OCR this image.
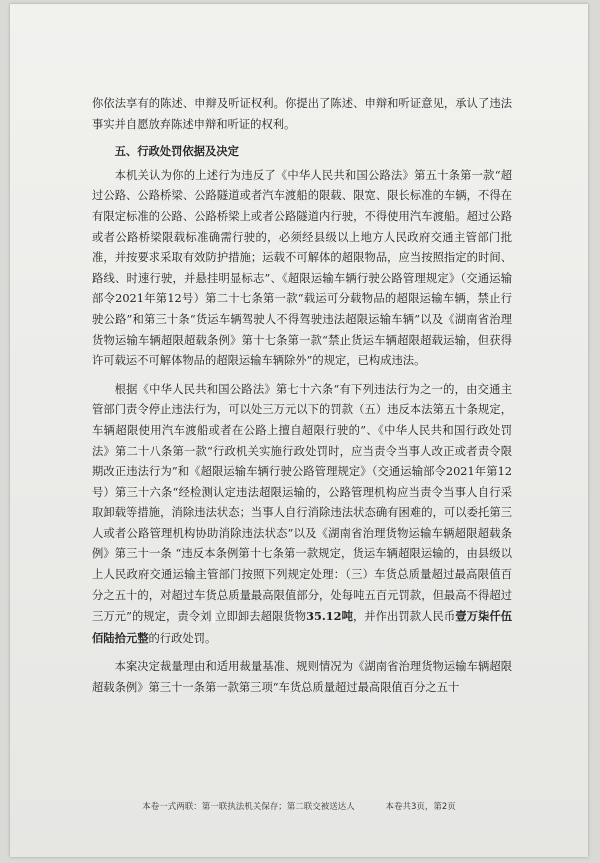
你依法享有的陈述、申辩及听证权利。你提出了陈述、申辩和听证意见，承认了违法事实并自愿放弃陈述申辩和听证的权利。

五、行政处罚依据及决定

本机关认为你的上述行为违反了《中华人民共和国公路法》第五十条第一款“超过公路、公路桥梁、公路隧道或者汽车渡船的限载、限宽、限长标准的车辆，不得在有限定标准的公路、公路桥梁上或者公路隧道内行驶，不得使用汽车渡船。超过公路或者公路桥梁限载标准确需行驶的，必须经县级以上地方人民政府交通主管部门批准，并按要求采取有效防护措施；运载不可解体的超限物品，应当按照指定的时间、路线、时速行驶，并悬挂明显标志”、《超限运输车辆行驶公路管理规定》（交通运输部令2021年第12号）第二十七条第一款“载运可分载物品的超限运输车辆，禁止行驶公路”和第三十条“货运车辆驾驶人不得驾驶违法超限运输车辆”以及《湖南省治理货物运输车辆超限超载条例》第十七条第一款“禁止货运车辆超限超载运输，但获得许可载运不可解体物品的超限运输车辆除外”的规定，已构成违法。

根据《中华人民共和国公路法》第七十六条“有下列违法行为之一的，由交通主管部门责令停止违法行为，可以处三万元以下的罚款（五）违反本法第五十条规定，车辆超限使用汽车渡船或者在公路上擅自超限行驶的”、《中华人民共和国行政处罚法》第二十八条第一款“行政机关实施行政处罚时，应当责令当事人改正或者责令限期改正违法行为”和《超限运输车辆行驶公路管理规定》（交通运输部令2021年第12号）第三十六条“经检测认定违法超限运输的，公路管理机构应当责令当事人自行采取卸载等措施，消除违法状态；当事人自行消除违法状态确有困难的，可以委托第三人或者公路管理机构协助消除违法状态”以及《湖南省治理货物运输车辆超限超载条例》第三十一条 “违反本条例第十七条第一款规定，货运车辆超限运输的，由县级以上人民政府交通运输主管部门按照下列规定处理：（三）车货总质量超过最高限值百分之五十的，对超过车货总质量最高限值部分，处每吨五百元罚款，但最高不得超过三万元”的规定，责令刘 立即卸去超限货物35.12吨，并作出罚款人民币壹万柒仟伍佰陆拾元整的行政处罚。

本案决定裁量理由和适用裁量基准、规则情况为《湖南省治理货物运输车辆超限超载条例》第三十一条第一款第三项“车货总质量超过最高限值百分之五十

本卷一式两联：第一联执法机关保存；第二联交被送达人	本卷共3页，第2页
